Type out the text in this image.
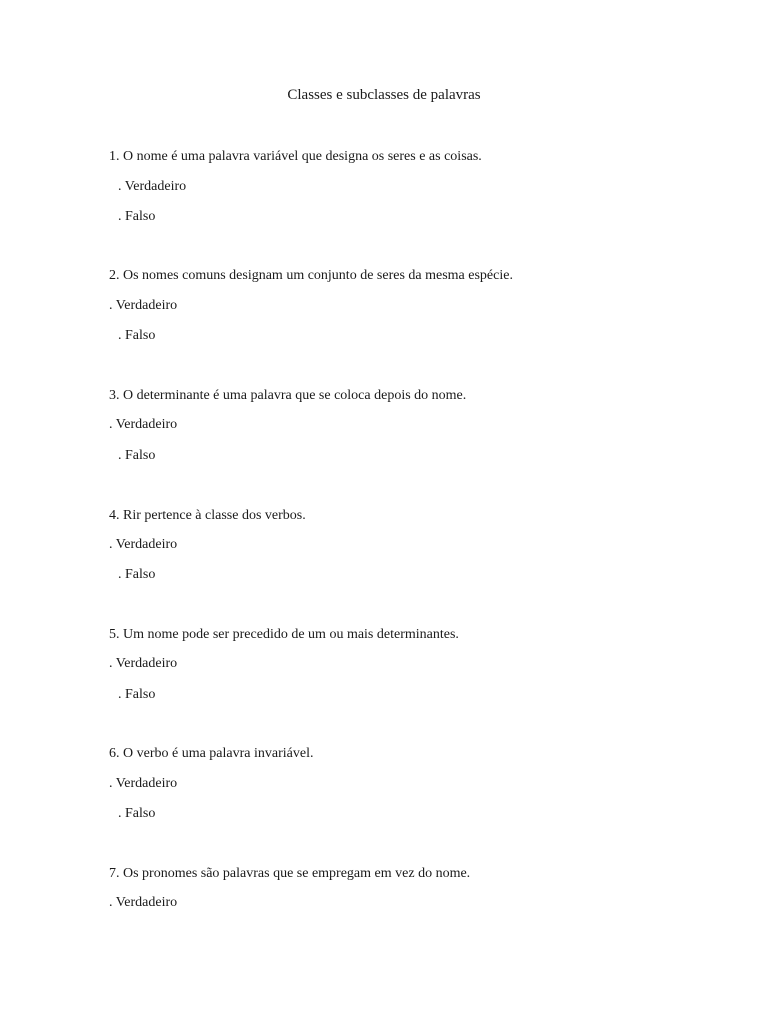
Classes e subclasses de palavras
1. O nome é uma palavra variável que designa os seres e as coisas.
. Verdadeiro
. Falso
2. Os nomes comuns designam um conjunto de seres da mesma espécie.
. Verdadeiro
. Falso
3. O determinante é uma palavra que se coloca depois do nome.
. Verdadeiro
. Falso
4. Rir pertence à classe dos verbos.
. Verdadeiro
. Falso
5. Um nome pode ser precedido de um ou mais determinantes.
. Verdadeiro
. Falso
6. O verbo é uma palavra invariável.
. Verdadeiro
. Falso
7. Os pronomes são palavras que se empregam em vez do nome.
. Verdadeiro
